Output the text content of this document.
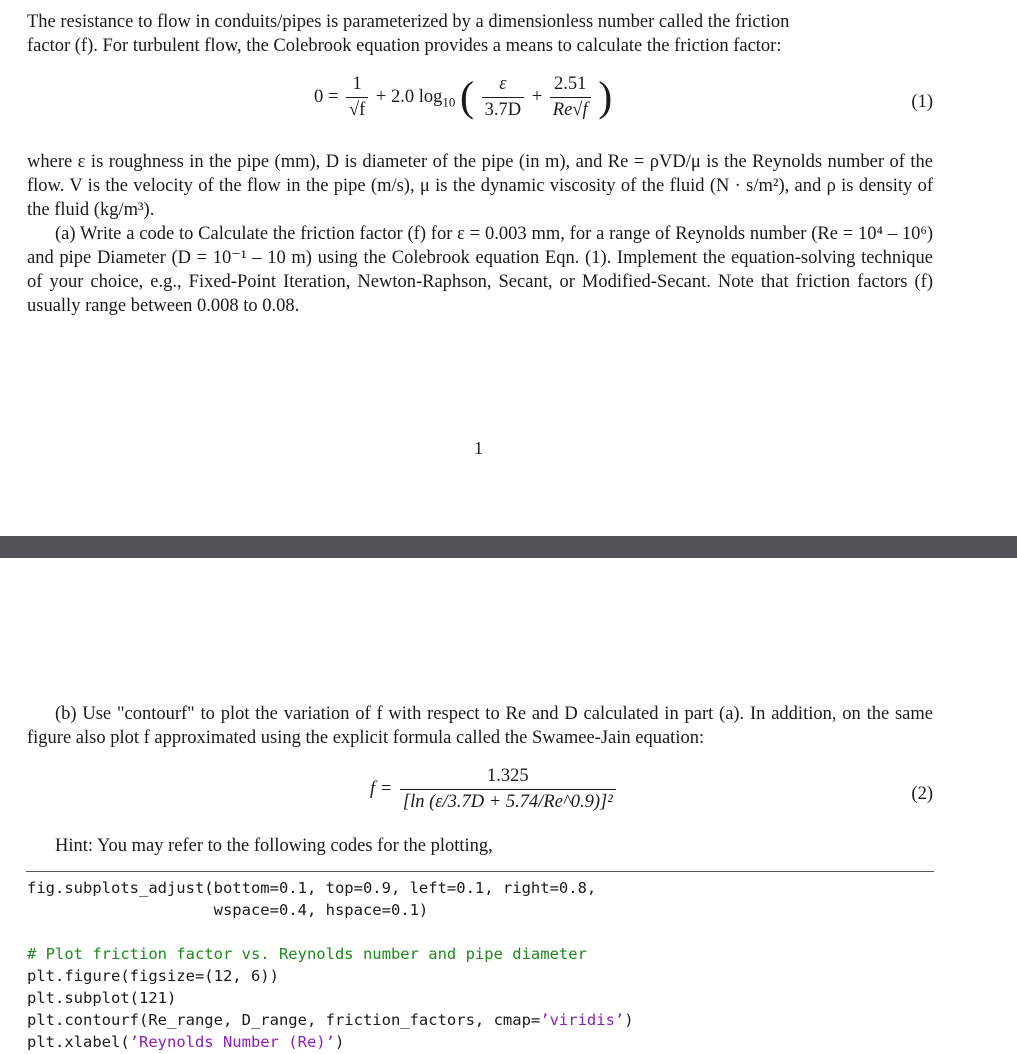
The resistance to flow in conduits/pipes is parameterized by a dimensionless number called the friction

factor (f). For turbulent flow, the Colebrook equation provides a means to calculate the friction factor:

$0 = \frac{1}{√f} + 2.0$ $\log_{10}$ ( $\frac{\varepsilon}{3.7D} + \frac{2.51}{Re√f}$ )	(1)

where ε is roughness in the pipe (mm), D is diameter of the pipe (in m), and Re = ρVD/μ is the Reynolds number of the flow. V is the velocity of the flow in the pipe (m/s), μ is the dynamic viscosity of the fluid (N · s/m²), and ρ is density of the fluid (kg/m³).

(a) Write a code to Calculate the friction factor (f) for ε = 0.003 mm, for a range of Reynolds number (Re = 10⁴ – 10⁶) and pipe Diameter (D = 10⁻¹ – 10 m) using the Colebrook equation Eqn. (1). Implement the equation-solving technique of your choice, e.g., Fixed-Point Iteration, Newton-Raphson, Secant, or Modified-Secant. Note that friction factors (f) usually range between 0.008 to 0.08.

1

(b) Use "contourf" to plot the variation of f with respect to Re and D calculated in part (a). In addition, on the same figure also plot f approximated using the explicit formula called the Swamee-Jain equation:

$f = \frac{1.325}{\text{[ln (ε/3.7D + 5.74/Re\textasciicircum{}0.9)]²}}$	(2)

Hint: You may refer to the following codes for the plotting,

fig.subplots_adjust(bottom=0.1, top=0.9, left=0.1, right=0.8,
wspace=0.4, hspace=0.1)
# Plot friction factor vs. Reynolds number and pipe diameter
plt.figure(figsize=(12, 6))
plt.subplot(121)
plt.contourf(Re_range, D_range, friction_factors, cmap=’viridis’)
plt.xlabel(’Reynolds Number (Re)’)
